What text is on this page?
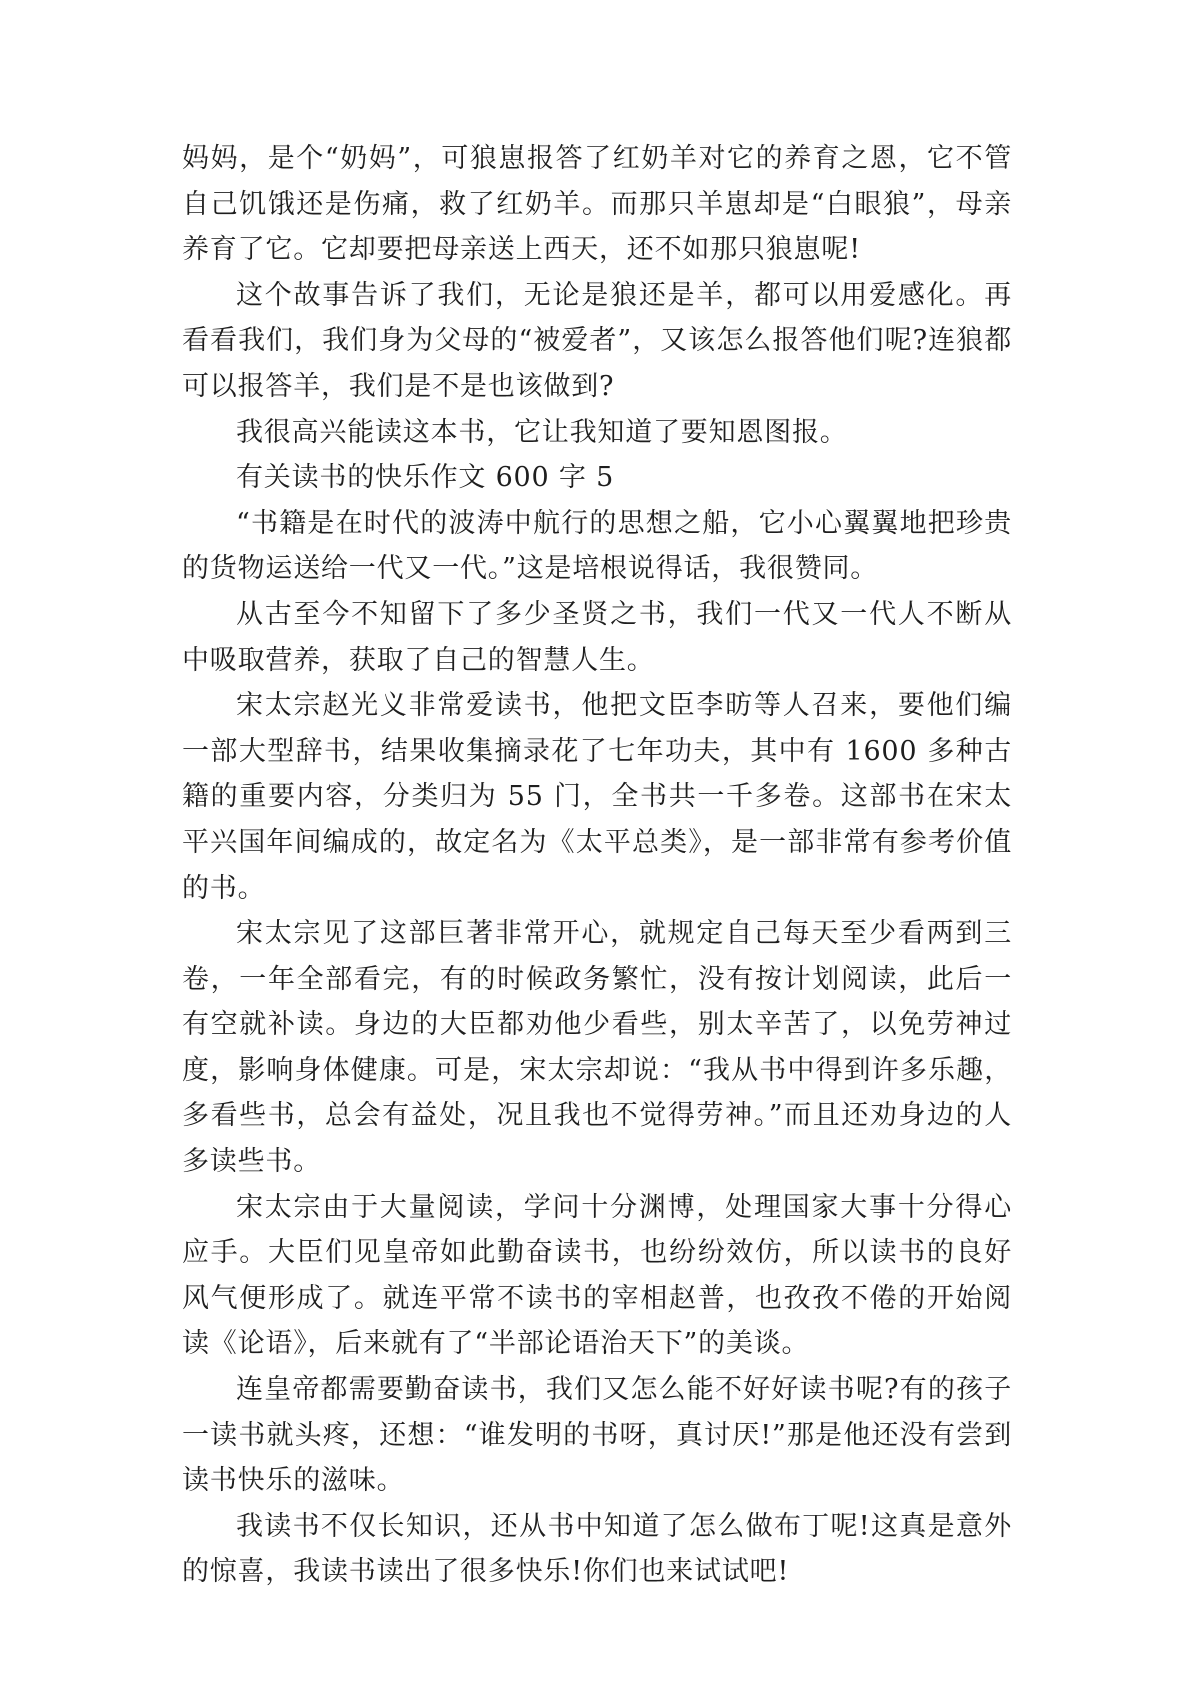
妈妈，是个“奶妈”，可狼崽报答了红奶羊对它的养育之恩，它不管自己饥饿还是伤痛，救了红奶羊。而那只羊崽却是“白眼狼”，母亲养育了它。它却要把母亲送上西天，还不如那只狼崽呢!

这个故事告诉了我们，无论是狼还是羊，都可以用爱感化。再看看我们，我们身为父母的“被爱者”，又该怎么报答他们呢?连狼都可以报答羊，我们是不是也该做到?

我很高兴能读这本书，它让我知道了要知恩图报。

有关读书的快乐作文 600 字 5

“书籍是在时代的波涛中航行的思想之船，它小心翼翼地把珍贵的货物运送给一代又一代。”这是培根说得话，我很赞同。

从古至今不知留下了多少圣贤之书，我们一代又一代人不断从中吸取营养，获取了自己的智慧人生。

宋太宗赵光义非常爱读书，他把文臣李昉等人召来，要他们编一部大型辞书，结果收集摘录花了七年功夫，其中有 1600 多种古籍的重要内容，分类归为 55 门，全书共一千多卷。这部书在宋太平兴国年间编成的，故定名为《太平总类》，是一部非常有参考价值的书。

宋太宗见了这部巨著非常开心，就规定自己每天至少看两到三卷，一年全部看完，有的时候政务繁忙，没有按计划阅读，此后一有空就补读。身边的大臣都劝他少看些，别太辛苦了，以免劳神过度，影响身体健康。可是，宋太宗却说：“我从书中得到许多乐趣，多看些书，总会有益处，况且我也不觉得劳神。”而且还劝身边的人多读些书。

宋太宗由于大量阅读，学问十分渊博，处理国家大事十分得心应手。大臣们见皇帝如此勤奋读书，也纷纷效仿，所以读书的良好风气便形成了。就连平常不读书的宰相赵普，也孜孜不倦的开始阅读《论语》，后来就有了“半部论语治天下”的美谈。

连皇帝都需要勤奋读书，我们又怎么能不好好读书呢?有的孩子一读书就头疼，还想：“谁发明的书呀，真讨厌!”那是他还没有尝到读书快乐的滋味。

我读书不仅长知识，还从书中知道了怎么做布丁呢!这真是意外的惊喜，我读书读出了很多快乐!你们也来试试吧!
